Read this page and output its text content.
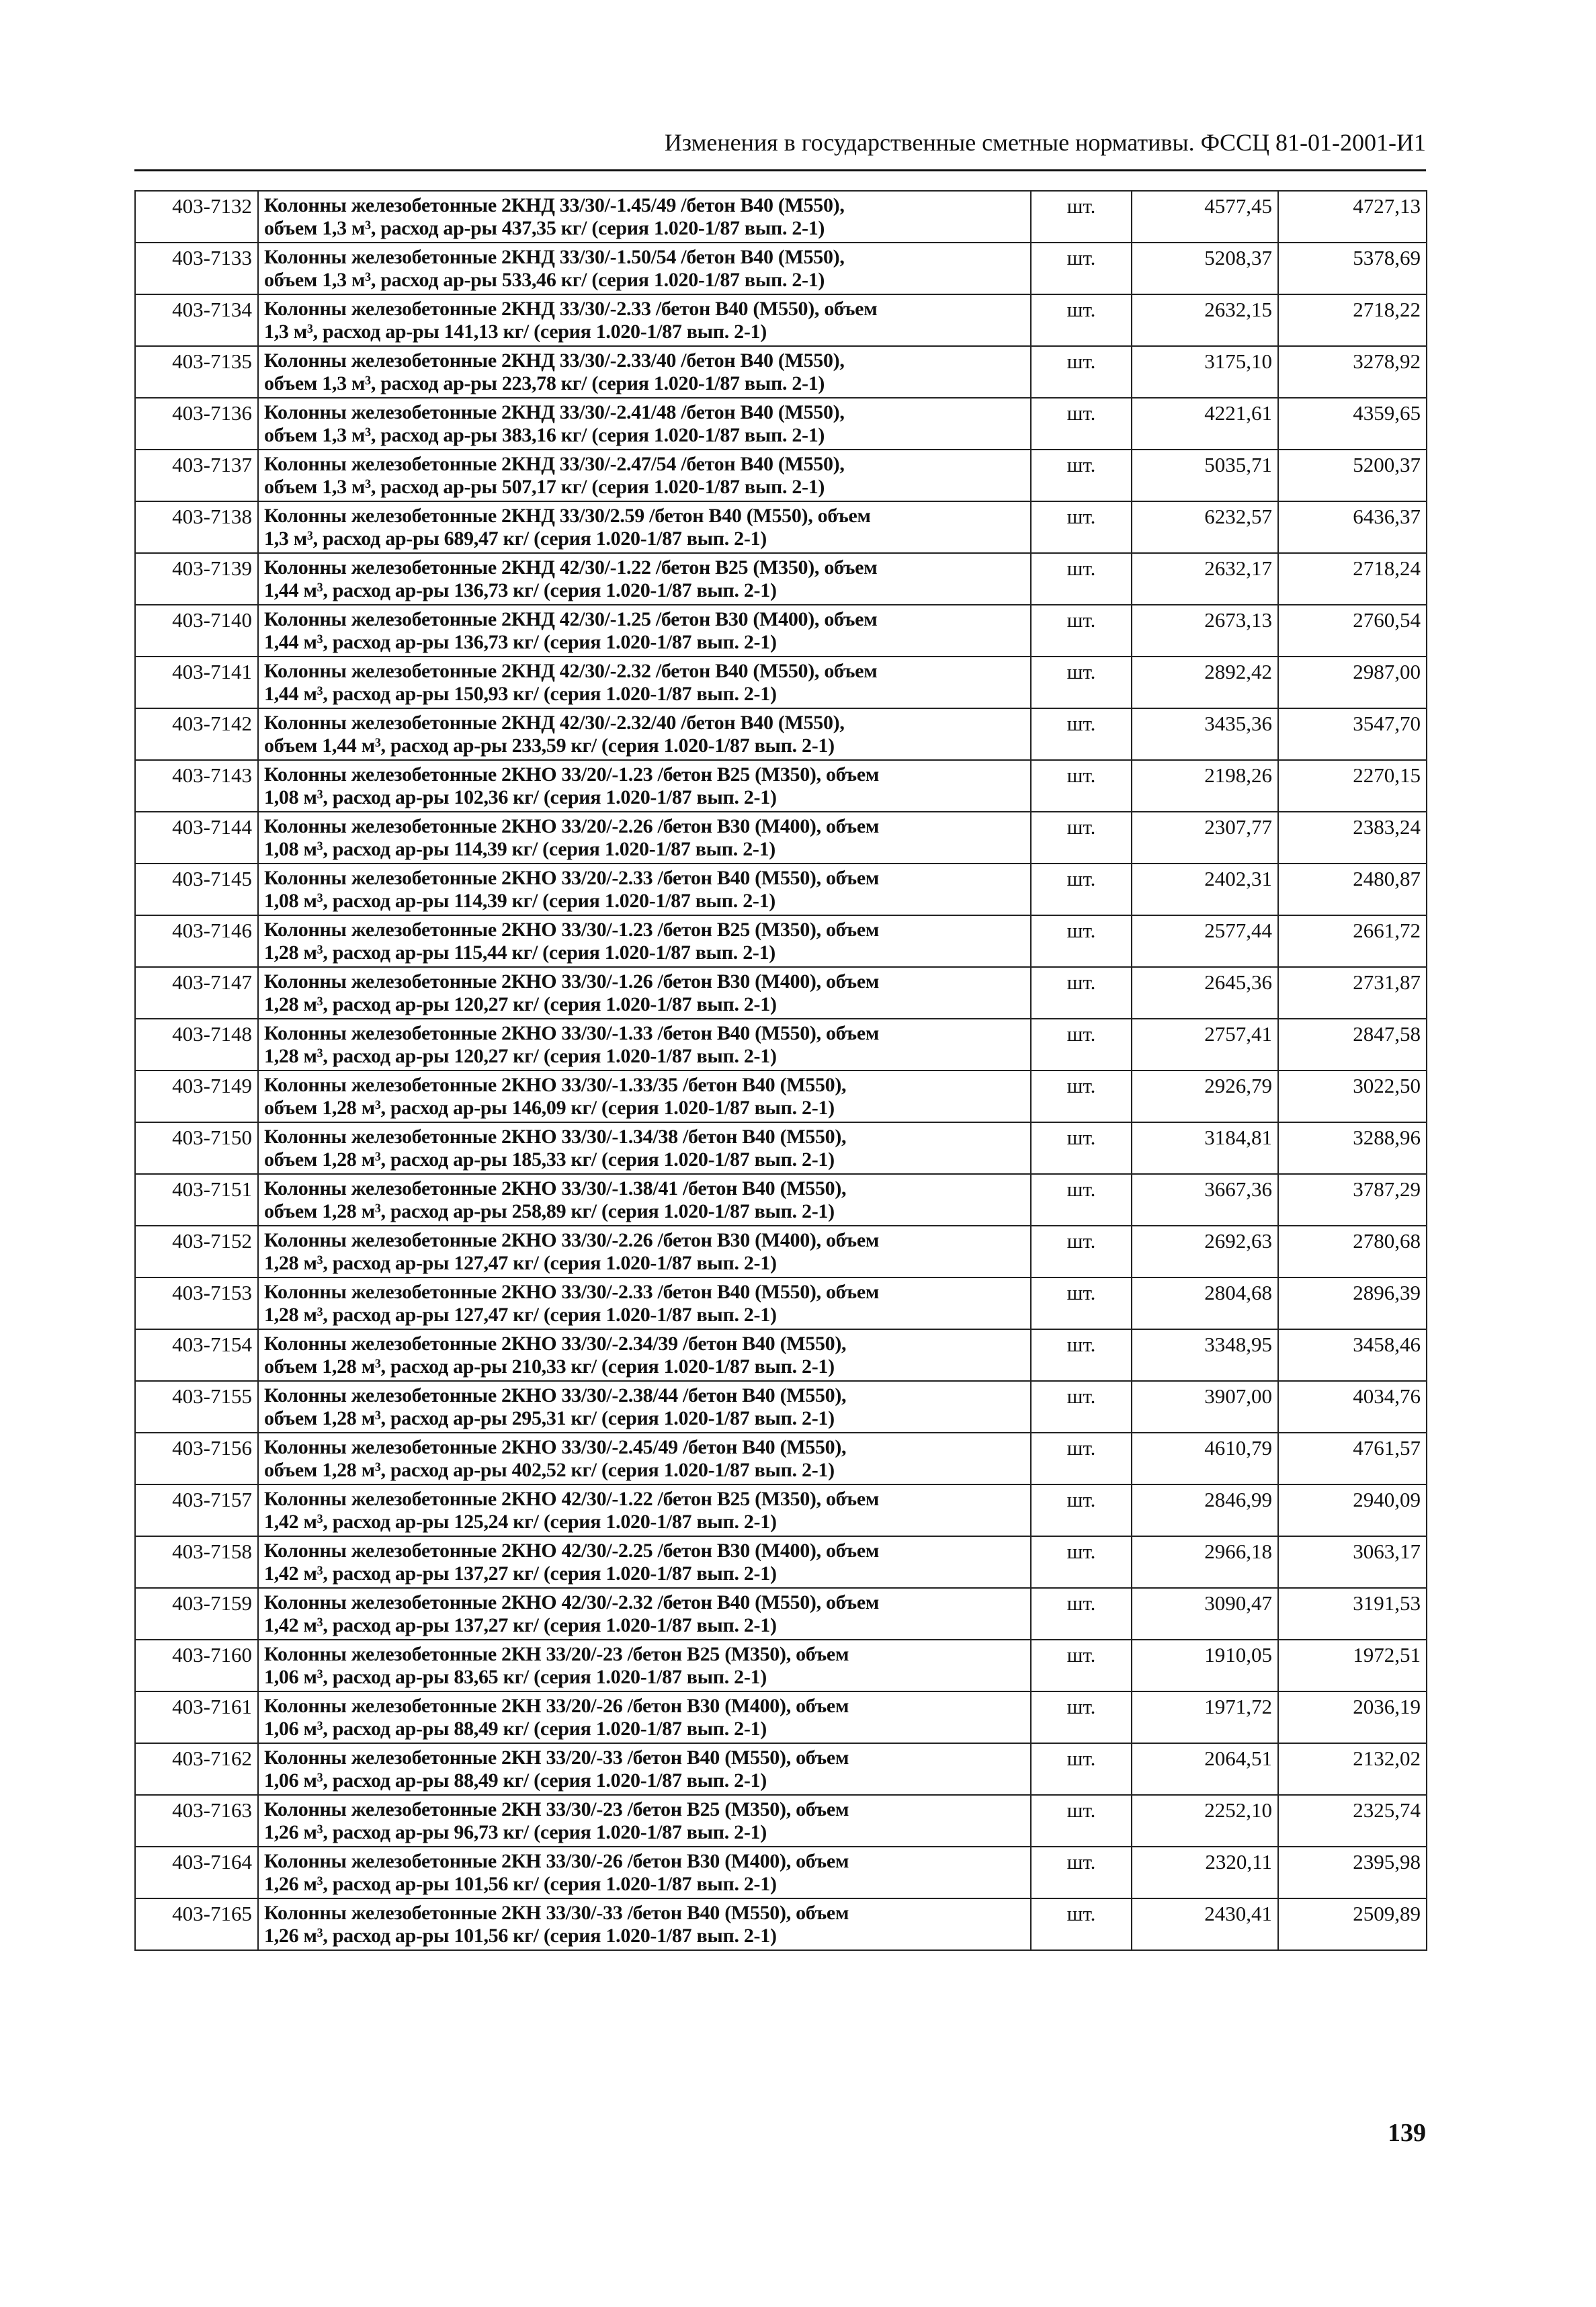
Изменения в государственные сметные нормативы. ФССЦ 81-01-2001-И1
403-7132	Колонны железобетонные 2КНД 33/30/-1.45/49 /бетон B40 (M550),
объем 1,3 м³, расход ар-ры 437,35 кг/ (серия 1.020-1/87 вып. 2-1)	шт.	4577,45	4727,13
403-7133	Колонны железобетонные 2КНД 33/30/-1.50/54 /бетон B40 (M550),
объем 1,3 м³, расход ар-ры 533,46 кг/ (серия 1.020-1/87 вып. 2-1)	шт.	5208,37	5378,69
403-7134	Колонны железобетонные 2КНД 33/30/-2.33 /бетон B40 (M550), объем
1,3 м³, расход ар-ры 141,13 кг/ (серия 1.020-1/87 вып. 2-1)	шт.	2632,15	2718,22
403-7135	Колонны железобетонные 2КНД 33/30/-2.33/40 /бетон B40 (M550),
объем 1,3 м³, расход ар-ры 223,78 кг/ (серия 1.020-1/87 вып. 2-1)	шт.	3175,10	3278,92
403-7136	Колонны железобетонные 2КНД 33/30/-2.41/48 /бетон B40 (M550),
объем 1,3 м³, расход ар-ры 383,16 кг/ (серия 1.020-1/87 вып. 2-1)	шт.	4221,61	4359,65
403-7137	Колонны железобетонные 2КНД 33/30/-2.47/54 /бетон B40 (M550),
объем 1,3 м³, расход ар-ры 507,17 кг/ (серия 1.020-1/87 вып. 2-1)	шт.	5035,71	5200,37
403-7138	Колонны железобетонные 2КНД 33/30/2.59 /бетон B40 (M550), объем
1,3 м³, расход ар-ры 689,47 кг/ (серия 1.020-1/87 вып. 2-1)	шт.	6232,57	6436,37
403-7139	Колонны железобетонные 2КНД 42/30/-1.22 /бетон B25 (M350), объем
1,44 м³, расход ар-ры 136,73 кг/ (серия 1.020-1/87 вып. 2-1)	шт.	2632,17	2718,24
403-7140	Колонны железобетонные 2КНД 42/30/-1.25 /бетон B30 (M400), объем
1,44 м³, расход ар-ры 136,73 кг/ (серия 1.020-1/87 вып. 2-1)	шт.	2673,13	2760,54
403-7141	Колонны железобетонные 2КНД 42/30/-2.32 /бетон B40 (M550), объем
1,44 м³, расход ар-ры 150,93 кг/ (серия 1.020-1/87 вып. 2-1)	шт.	2892,42	2987,00
403-7142	Колонны железобетонные 2КНД 42/30/-2.32/40 /бетон B40 (M550),
объем 1,44 м³, расход ар-ры 233,59 кг/ (серия 1.020-1/87 вып. 2-1)	шт.	3435,36	3547,70
403-7143	Колонны железобетонные 2КНО 33/20/-1.23 /бетон B25 (M350), объем
1,08 м³, расход ар-ры 102,36 кг/ (серия 1.020-1/87 вып. 2-1)	шт.	2198,26	2270,15
403-7144	Колонны железобетонные 2КНО 33/20/-2.26 /бетон B30 (M400), объем
1,08 м³, расход ар-ры 114,39 кг/ (серия 1.020-1/87 вып. 2-1)	шт.	2307,77	2383,24
403-7145	Колонны железобетонные 2КНО 33/20/-2.33 /бетон B40 (M550), объем
1,08 м³, расход ар-ры 114,39 кг/ (серия 1.020-1/87 вып. 2-1)	шт.	2402,31	2480,87
403-7146	Колонны железобетонные 2КНО 33/30/-1.23 /бетон B25 (M350), объем
1,28 м³, расход ар-ры 115,44 кг/ (серия 1.020-1/87 вып. 2-1)	шт.	2577,44	2661,72
403-7147	Колонны железобетонные 2КНО 33/30/-1.26 /бетон B30 (M400), объем
1,28 м³, расход ар-ры 120,27 кг/ (серия 1.020-1/87 вып. 2-1)	шт.	2645,36	2731,87
403-7148	Колонны железобетонные 2КНО 33/30/-1.33 /бетон B40 (M550), объем
1,28 м³, расход ар-ры 120,27 кг/ (серия 1.020-1/87 вып. 2-1)	шт.	2757,41	2847,58
403-7149	Колонны железобетонные 2КНО 33/30/-1.33/35 /бетон B40 (M550),
объем 1,28 м³, расход ар-ры 146,09 кг/ (серия 1.020-1/87 вып. 2-1)	шт.	2926,79	3022,50
403-7150	Колонны железобетонные 2КНО 33/30/-1.34/38 /бетон B40 (M550),
объем 1,28 м³, расход ар-ры 185,33 кг/ (серия 1.020-1/87 вып. 2-1)	шт.	3184,81	3288,96
403-7151	Колонны железобетонные 2КНО 33/30/-1.38/41 /бетон B40 (M550),
объем 1,28 м³, расход ар-ры 258,89 кг/ (серия 1.020-1/87 вып. 2-1)	шт.	3667,36	3787,29
403-7152	Колонны железобетонные 2КНО 33/30/-2.26 /бетон B30 (M400), объем
1,28 м³, расход ар-ры 127,47 кг/ (серия 1.020-1/87 вып. 2-1)	шт.	2692,63	2780,68
403-7153	Колонны железобетонные 2КНО 33/30/-2.33 /бетон B40 (M550), объем
1,28 м³, расход ар-ры 127,47 кг/ (серия 1.020-1/87 вып. 2-1)	шт.	2804,68	2896,39
403-7154	Колонны железобетонные 2КНО 33/30/-2.34/39 /бетон B40 (M550),
объем 1,28 м³, расход ар-ры 210,33 кг/ (серия 1.020-1/87 вып. 2-1)	шт.	3348,95	3458,46
403-7155	Колонны железобетонные 2КНО 33/30/-2.38/44 /бетон B40 (M550),
объем 1,28 м³, расход ар-ры 295,31 кг/ (серия 1.020-1/87 вып. 2-1)	шт.	3907,00	4034,76
403-7156	Колонны железобетонные 2КНО 33/30/-2.45/49 /бетон B40 (M550),
объем 1,28 м³, расход ар-ры 402,52 кг/ (серия 1.020-1/87 вып. 2-1)	шт.	4610,79	4761,57
403-7157	Колонны железобетонные 2КНО 42/30/-1.22 /бетон B25 (M350), объем
1,42 м³, расход ар-ры 125,24 кг/ (серия 1.020-1/87 вып. 2-1)	шт.	2846,99	2940,09
403-7158	Колонны железобетонные 2КНО 42/30/-2.25 /бетон B30 (M400), объем
1,42 м³, расход ар-ры 137,27 кг/ (серия 1.020-1/87 вып. 2-1)	шт.	2966,18	3063,17
403-7159	Колонны железобетонные 2КНО 42/30/-2.32 /бетон B40 (M550), объем
1,42 м³, расход ар-ры 137,27 кг/ (серия 1.020-1/87 вып. 2-1)	шт.	3090,47	3191,53
403-7160	Колонны железобетонные 2КН 33/20/-23 /бетон B25 (M350), объем
1,06 м³, расход ар-ры 83,65 кг/ (серия 1.020-1/87 вып. 2-1)	шт.	1910,05	1972,51
403-7161	Колонны железобетонные 2КН 33/20/-26 /бетон B30 (M400), объем
1,06 м³, расход ар-ры 88,49 кг/ (серия 1.020-1/87 вып. 2-1)	шт.	1971,72	2036,19
403-7162	Колонны железобетонные 2КН 33/20/-33 /бетон B40 (M550), объем
1,06 м³, расход ар-ры 88,49 кг/ (серия 1.020-1/87 вып. 2-1)	шт.	2064,51	2132,02
403-7163	Колонны железобетонные 2КН 33/30/-23 /бетон B25 (M350), объем
1,26 м³, расход ар-ры 96,73 кг/ (серия 1.020-1/87 вып. 2-1)	шт.	2252,10	2325,74
403-7164	Колонны железобетонные 2КН 33/30/-26 /бетон B30 (M400), объем
1,26 м³, расход ар-ры 101,56 кг/ (серия 1.020-1/87 вып. 2-1)	шт.	2320,11	2395,98
403-7165	Колонны железобетонные 2КН 33/30/-33 /бетон B40 (M550), объем
1,26 м³, расход ар-ры 101,56 кг/ (серия 1.020-1/87 вып. 2-1)	шт.	2430,41	2509,89
139
